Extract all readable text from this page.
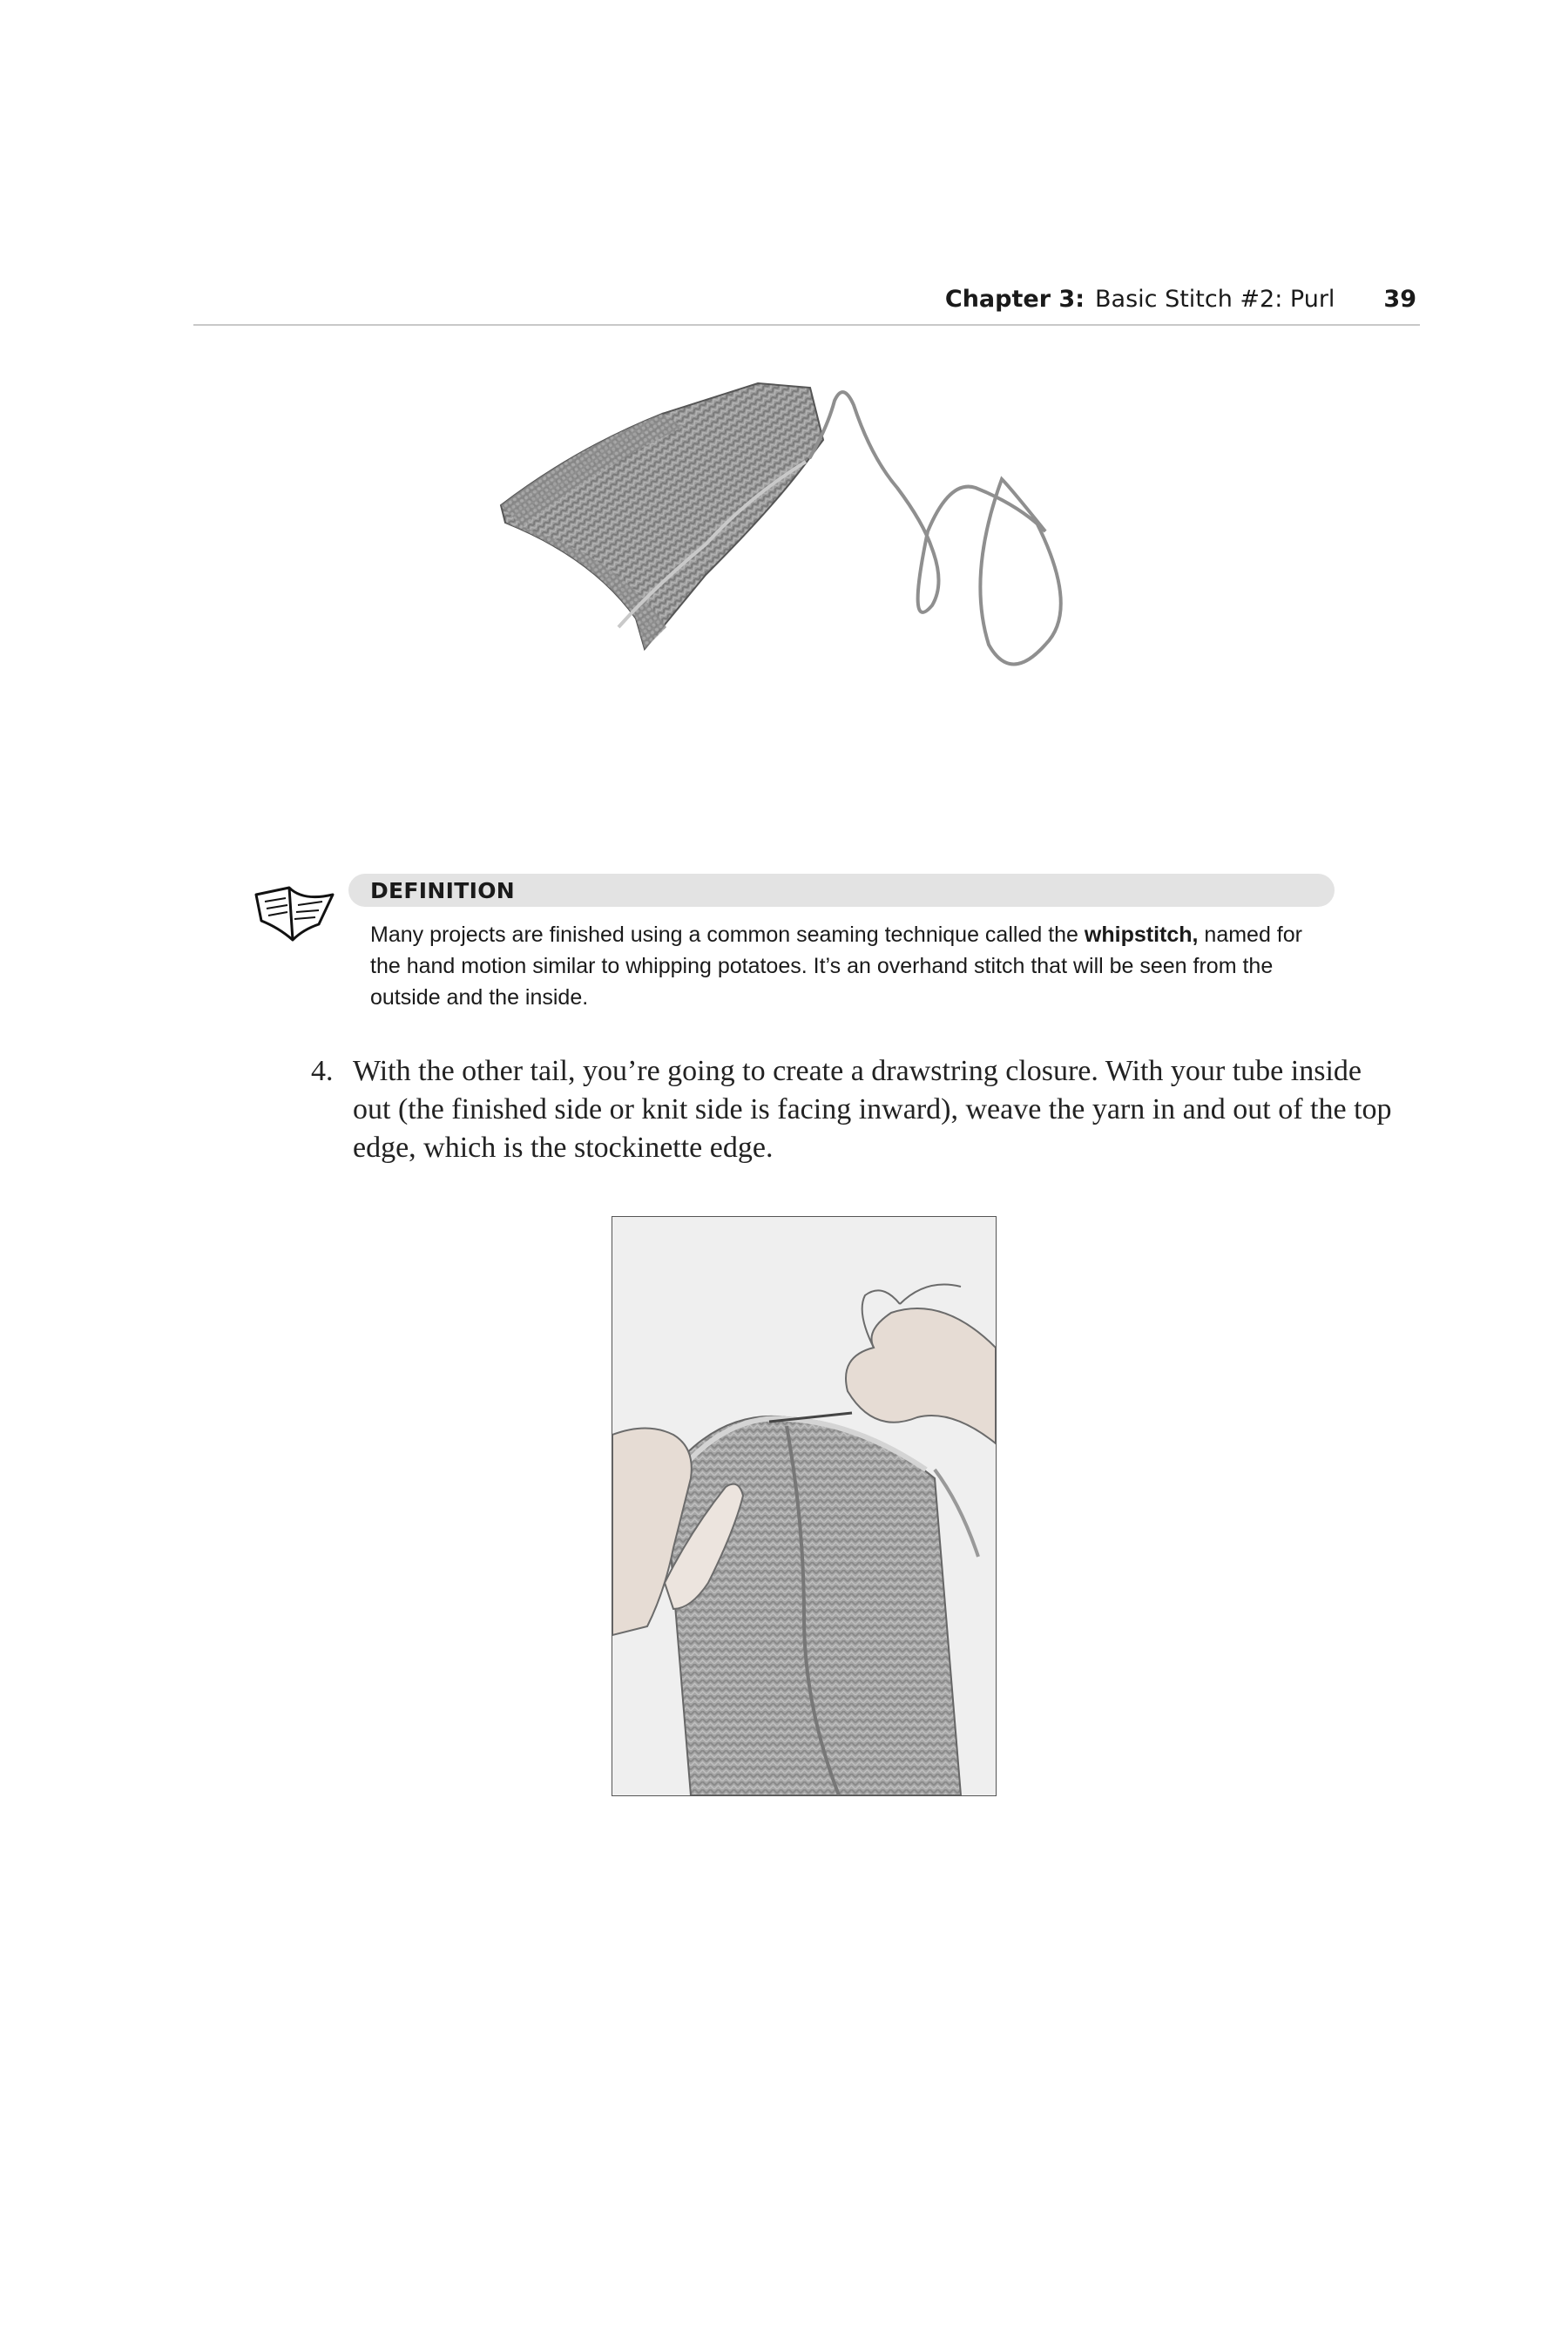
Chapter 3: Basic Stitch #2: Purl 39
DEFINITION
Many projects are finished using a common seaming technique called the whipstitch, named for the hand motion similar to whipping potatoes. It’s an overhand stitch that will be seen from the outside and the inside.
4. With the other tail, you’re going to create a drawstring closure. With your tube inside
out (the finished side or knit side is facing inward), weave the yarn in and out of the top
edge, which is the stockinette edge.
